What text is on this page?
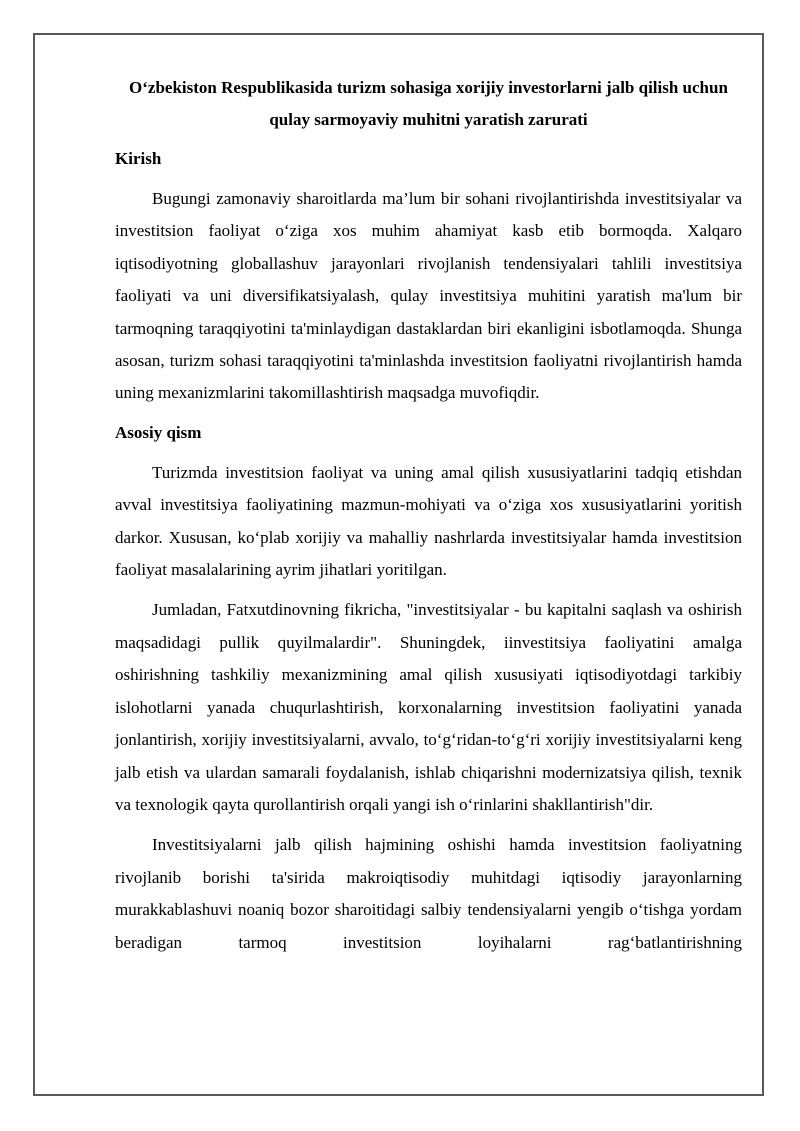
O‘zbekiston Respublikasida turizm sohasiga xorijiy investorlarni jalb qilish uchun qulay sarmoyaviy muhitni yaratish zarurati

Kirish

Bugungi zamonaviy sharoitlarda ma’lum bir sohani rivojlantirishda investitsiyalar va investitsion faoliyat o‘ziga xos muhim ahamiyat kasb etib bormoqda. Xalqaro iqtisodiyotning globallashuv jarayonlari rivojlanish tendensiyalari tahlili investitsiya faoliyati va uni diversifikatsiyalash, qulay investitsiya muhitini yaratish ma'lum bir tarmoqning taraqqiyotini ta'minlaydigan dastaklardan biri ekanligini isbotlamoqda. Shunga asosan, turizm sohasi taraqqiyotini ta'minlashda investitsion faoliyatni rivojlantirish hamda uning mexanizmlarini takomillashtirish maqsadga muvofiqdir.

Asosiy qism

Turizmda investitsion faoliyat va uning amal qilish xususiyatlarini tadqiq etishdan avval investitsiya faoliyatining mazmun-mohiyati va o‘ziga xos xususiyatlarini yoritish darkor. Xususan, ko‘plab xorijiy va mahalliy nashrlarda investitsiyalar hamda investitsion faoliyat masalalarining ayrim jihatlari yoritilgan.

Jumladan, Fatxutdinovning fikricha, "investitsiyalar - bu kapitalni saqlash va oshirish maqsadidagi pullik quyilmalardir". Shuningdek, iinvestitsiya faoliyatini amalga oshirishning tashkiliy mexanizmining amal qilish xususiyati iqtisodiyotdagi tarkibiy islohotlarni yanada chuqurlashtirish, korxonalarning investitsion faoliyatini yanada jonlantirish, xorijiy investitsiyalarni, avvalo, to‘g‘ridan-to‘g‘ri xorijiy investitsiyalarni keng jalb etish va ulardan samarali foydalanish, ishlab chiqarishni modernizatsiya qilish, texnik va texnologik qayta qurollantirish orqali yangi ish o‘rinlarini shakllantirish"dir.

Investitsiyalarni jalb qilish hajmining oshishi hamda investitsion faoliyatning rivojlanib borishi ta'sirida makroiqtisodiy muhitdagi iqtisodiy jarayonlarning murakkablashuvi noaniq bozor sharoitidagi salbiy tendensiyalarni yengib o‘tishga yordam beradigan tarmoq investitsion loyihalarni rag‘batlantirishning
